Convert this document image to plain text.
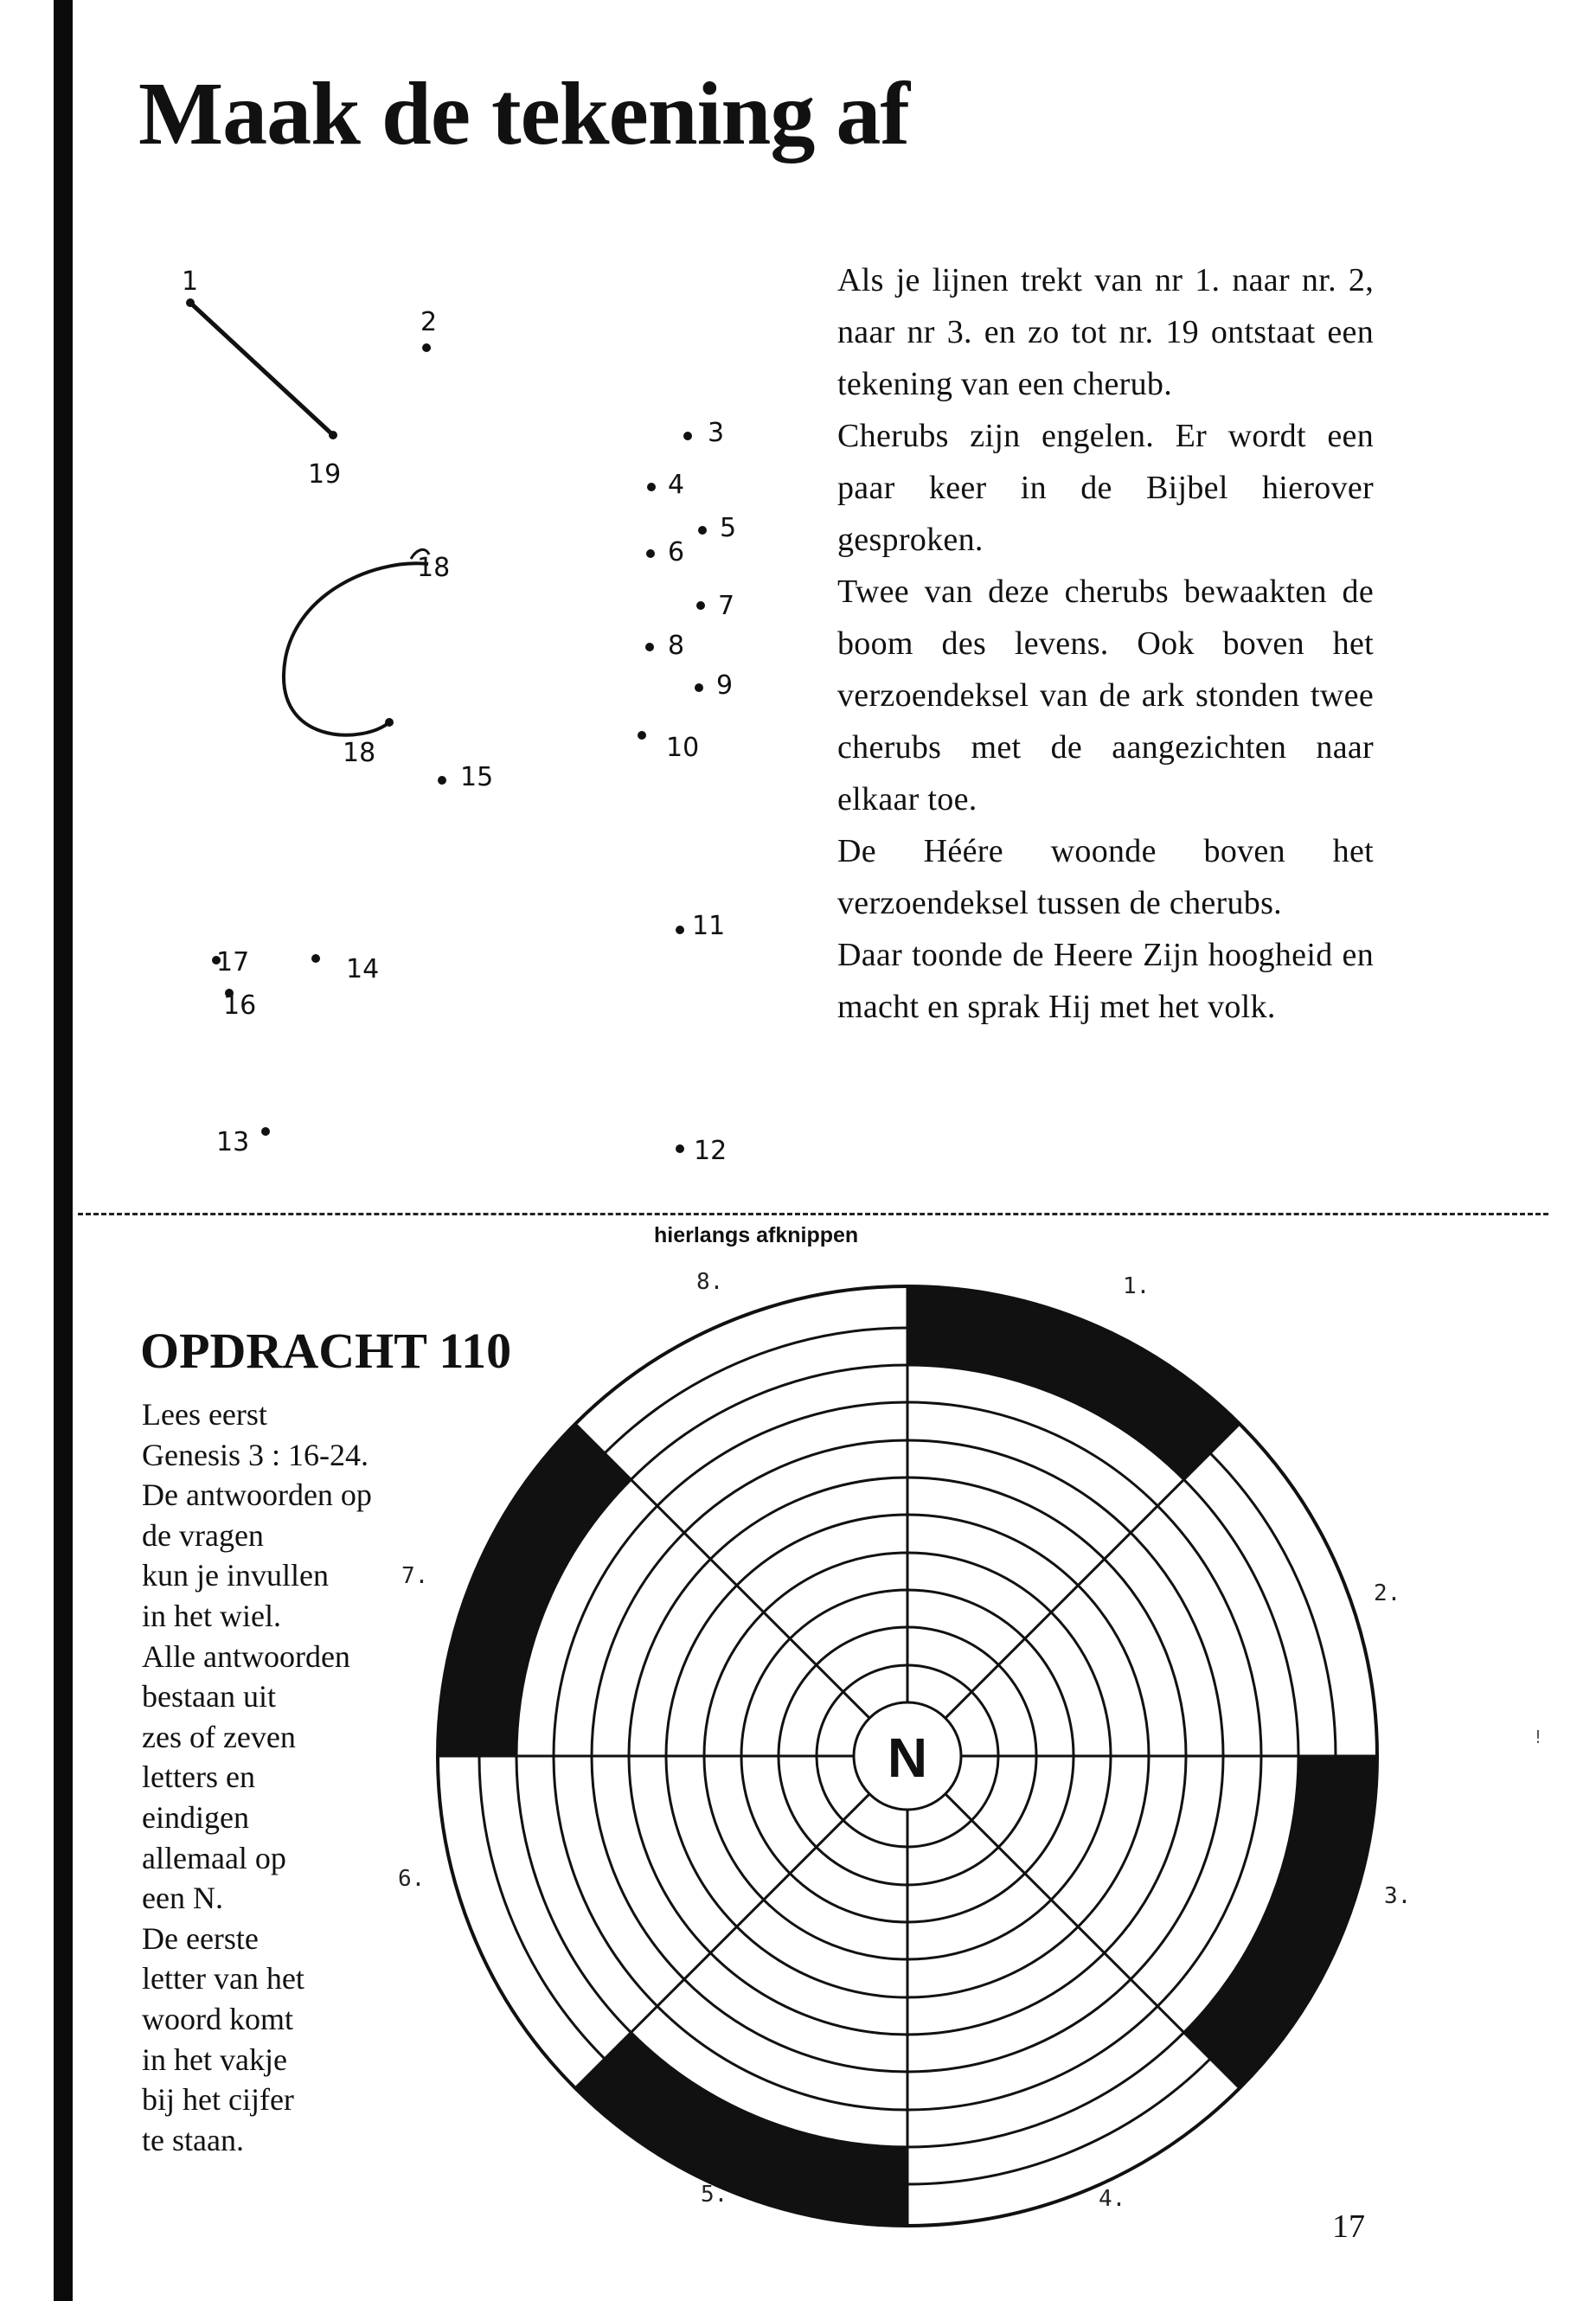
Maak de tekening af
1
2
3
4
5
6
7
8
9
10
11
12
13
14
15
16
17
18
18
19

Als je lijnen trekt van nr 1. naar nr. 2, naar nr 3. en zo tot nr. 19 ontstaat een tekening van een cherub.

Cherubs zijn engelen. Er wordt een paar keer in de Bijbel hierover gesproken.

Twee van deze cherubs bewaakten de boom des levens. Ook boven het verzoendeksel van de ark stonden twee cherubs met de aangezichten naar elkaar toe.

De Héére woonde boven het verzoendeksel tussen de cherubs.

Daar toonde de Heere Zijn hoogheid en macht en sprak Hij met het volk.

hierlangs afknippen
OPDRACHT 110
Lees eerst
Genesis 3 : 16-24.
De antwoorden op
de vragen
kun je invullen
in het wiel.
Alle antwoorden
bestaan uit
zes of zeven
letters en
eindigen
allemaal op
een N.
De eerste
letter van het
woord komt
in het vakje
bij het cijfer
te staan.
N
1.
2.
3.
4.
5.
6.
7.
8.
17
!
